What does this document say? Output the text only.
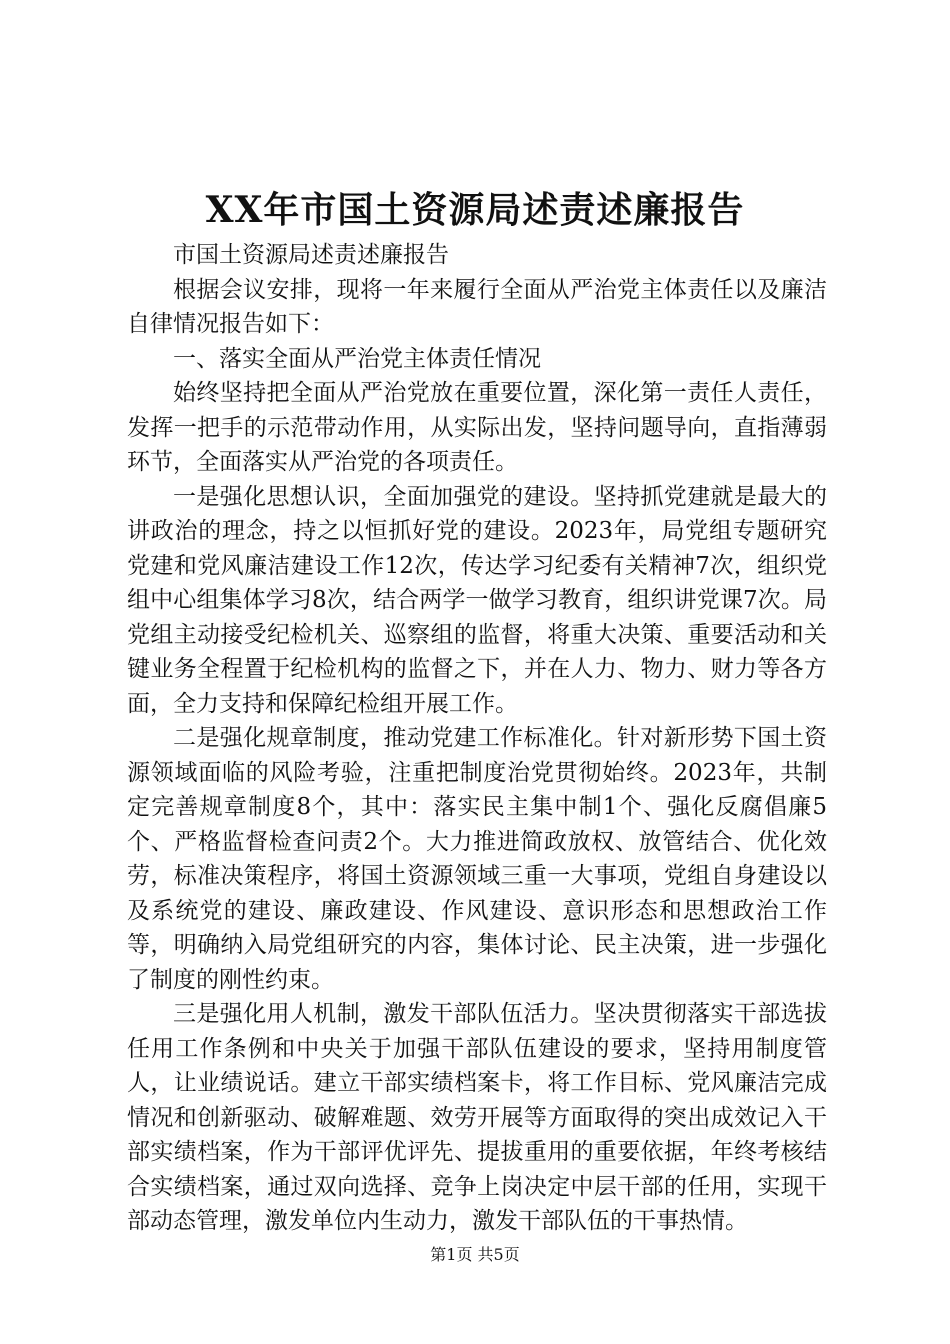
XX年市国土资源局述责述廉报告

市国土资源局述责述廉报告

根据会议安排，现将一年来履行全面从严治党主体责任以及廉洁自律情况报告如下：

一、落实全面从严治党主体责任情况

始终坚持把全面从严治党放在重要位置，深化第一责任人责任，发挥一把手的示范带动作用，从实际出发，坚持问题导向，直指薄弱环节，全面落实从严治党的各项责任。

一是强化思想认识，全面加强党的建设。坚持抓党建就是最大的讲政治的理念，持之以恒抓好党的建设。2023年，局党组专题研究党建和党风廉洁建设工作12次，传达学习纪委有关精神7次，组织党组中心组集体学习8次，结合两学一做学习教育，组织讲党课7次。局党组主动接受纪检机关、巡察组的监督，将重大决策、重要活动和关键业务全程置于纪检机构的监督之下，并在人力、物力、财力等各方面，全力支持和保障纪检组开展工作。

二是强化规章制度，推动党建工作标准化。针对新形势下国土资源领域面临的风险考验，注重把制度治党贯彻始终。2023年，共制定完善规章制度8个，其中：落实民主集中制1个、强化反腐倡廉5个、严格监督检查问责2个。大力推进简政放权、放管结合、优化效劳，标准决策程序，将国土资源领域三重一大事项，党组自身建设以及系统党的建设、廉政建设、作风建设、意识形态和思想政治工作等，明确纳入局党组研究的内容，集体讨论、民主决策，进一步强化了制度的刚性约束。

三是强化用人机制，激发干部队伍活力。坚决贯彻落实干部选拔任用工作条例和中央关于加强干部队伍建设的要求，坚持用制度管人，让业绩说话。建立干部实绩档案卡，将工作目标、党风廉洁完成情况和创新驱动、破解难题、效劳开展等方面取得的突出成效记入干部实绩档案，作为干部评优评先、提拔重用的重要依据，年终考核结合实绩档案，通过双向选择、竞争上岗决定中层干部的任用，实现干部动态管理，激发单位内生动力，激发干部队伍的干事热情。

第1页 共5页
